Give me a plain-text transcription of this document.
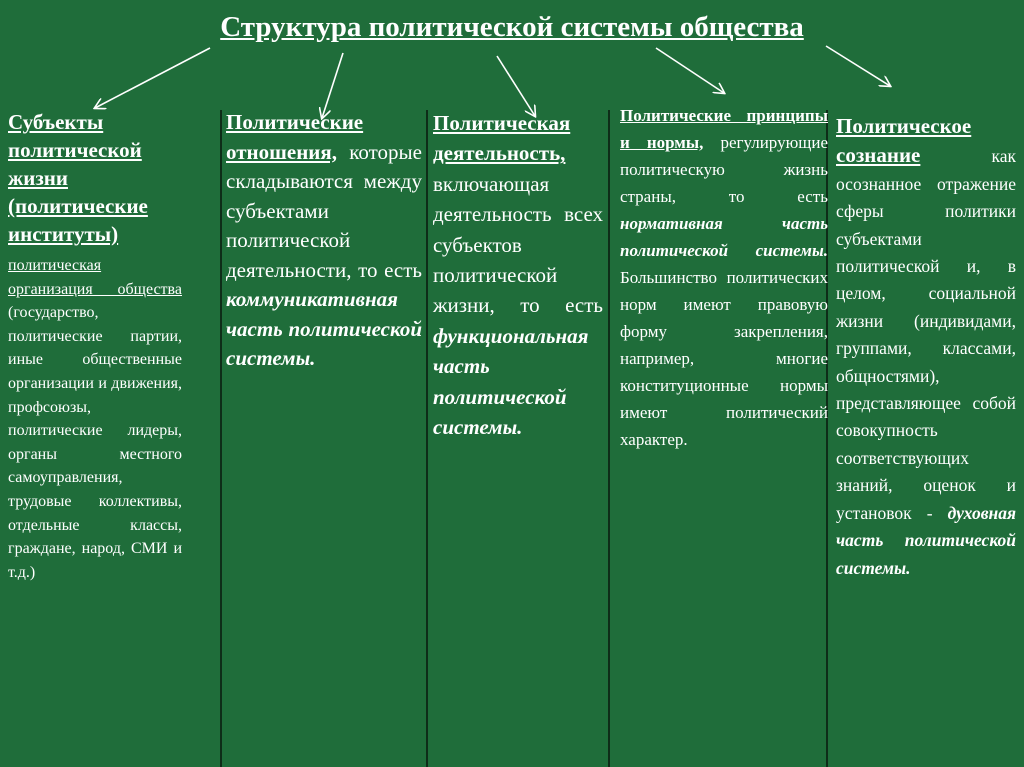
Структура политической системы общества
Субъекты политической жизни (политические институты)
политическая организация общества (государство, политические партии, иные общественные организации и движения, профсоюзы, политические лидеры, органы местного самоуправления, трудовые коллективы, отдельные классы, граждане, народ, СМИ и т.д.)
Политические отношения, которые складываются между субъектами политической деятельности, то есть коммуникативная часть политической системы.
Политическая деятельность, включающая деятельность всех субъектов политической жизни, то есть функциональная часть политической системы.
Политические принципы и нормы, регулирующие политическую жизнь страны, то есть нормативная часть политической системы. Большинство политических норм имеют правовую форму закрепления, например, многие конституционные нормы имеют политический характер.
Политическое сознание как осознанное отражение сферы политики субъектами политической и, в целом, социальной жизни (индивидами, группами, классами, общностями), представляющее собой совокупность соответствующих знаний, оценок и установок - духовная часть политической системы.
